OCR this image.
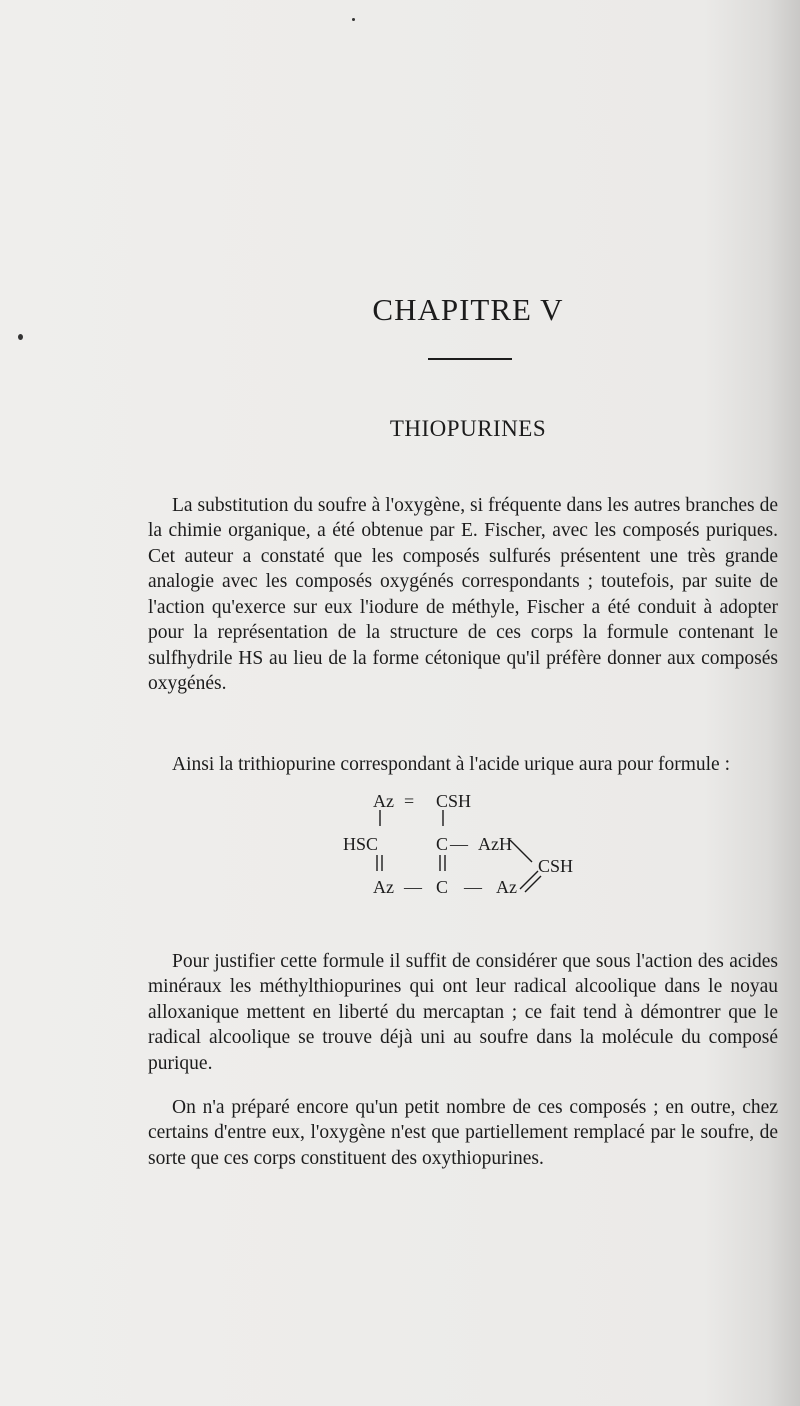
CHAPITRE V
THIOPURINES

La substitution du soufre à l'oxygène, si fréquente dans les autres branches de la chimie organique, a été obtenue par E. Fischer, avec les composés puriques. Cet auteur a constaté que les composés sulfurés présentent une très grande analogie avec les composés oxygénés correspondants ; toutefois, par suite de l'action qu'exerce sur eux l'iodure de méthyle, Fischer a été conduit à adopter pour la représentation de la structure de ces corps la formule contenant le sulfhydrile HS au lieu de la forme cétonique qu'il préfère donner aux composés oxygénés.

Ainsi la trithiopurine correspondant à l'acide urique aura pour formule :

Az = CSH
HSC	C — AzH
CSH
Az — C — Az

Pour justifier cette formule il suffit de considérer que sous l'action des acides minéraux les méthylthiopurines qui ont leur radical alcoolique dans le noyau alloxanique mettent en liberté du mercaptan ; ce fait tend à démontrer que le radical alcoolique se trouve déjà uni au soufre dans la molécule du composé purique.

On n'a préparé encore qu'un petit nombre de ces composés ; en outre, chez certains d'entre eux, l'oxygène n'est que partiellement remplacé par le soufre, de sorte que ces corps constituent des oxythiopurines.
